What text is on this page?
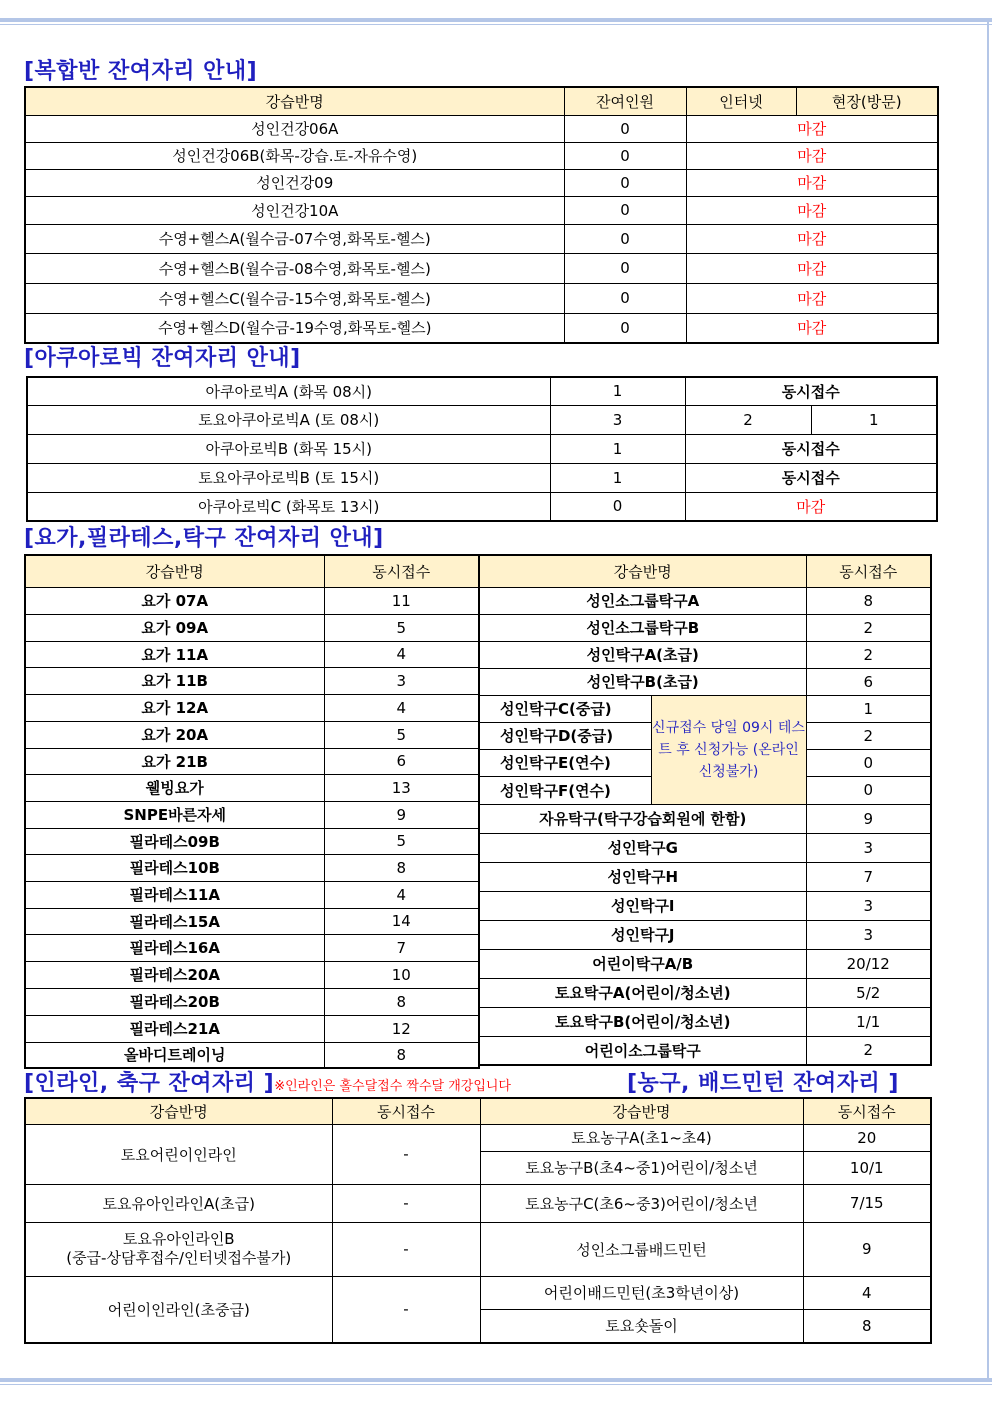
[복합반 잔여자리 안내]
강습반명	잔여인원	인터넷	현장(방문)
성인건강06A	0	마감	
성인건강06B(화목-강습.토-자유수영)	0	마감	
성인건강09	0	마감	
성인건강10A	0	마감	
수영+헬스A(월수금-07수영,화목토-헬스)	0	마감	
수영+헬스B(월수금-08수영,화목토-헬스)	0	마감	
수영+헬스C(월수금-15수영,화목토-헬스)	0	마감	
수영+헬스D(월수금-19수영,화목토-헬스)	0	마감	
[아쿠아로빅 잔여자리 안내]
아쿠아로빅A (화목 08시)	1	동시접수	
토요아쿠아로빅A (토 08시)	3	2	1
아쿠아로빅B (화목 15시)	1	동시접수	
토요아쿠아로빅B (토 15시)	1	동시접수	
아쿠아로빅C (화목토 13시)	0	마감	
[요가,필라테스,탁구 잔여자리 안내]
강습반명	동시접수
요가 07A	11
요가 09A	5
요가 11A	4
요가 11B	3
요가 12A	4
요가 20A	5
요가 21B	6
웰빙요가	13
SNPE바른자세	9
필라테스09B	5
필라테스10B	8
필라테스11A	4
필라테스15A	14
필라테스16A	7
필라테스20A	10
필라테스20B	8
필라테스21A	12
올바디트레이닝	8
강습반명		동시접수
성인소그룹탁구A		8
성인소그룹탁구B		2
성인탁구A(초급)		2
성인탁구B(초급)		6
성인탁구C(중급)	신규접수 당일 09시 테스트 후 신청가능 (온라인신청불가)	1
성인탁구D(중급)		2
성인탁구E(연수)		0
성인탁구F(연수)		0
자유탁구(탁구강습회원에 한함)		9
성인탁구G		3
성인탁구H		7
성인탁구I		3
성인탁구J		3
어린이탁구A/B		20/12
토요탁구A(어린이/청소년)		5/2
토요탁구B(어린이/청소년)		1/1
어린이소그룹탁구		2
[인라인, 축구 잔여자리 ]※인라인은 홀수달접수 짝수달 개강입니다	[농구, 배드민턴 잔여자리 ]
강습반명	동시접수	강습반명	동시접수
토요어린이인라인	-	토요농구A(초1~초4)	20
		토요농구B(초4~중1)어린이/청소년	10/1
토요유아인라인A(초급)	-	토요농구C(초6~중3)어린이/청소년	7/15
토요유아인라인B
(중급-상담후접수/인터넷접수불가)	-	성인소그룹배드민턴	9
어린이인라인(초중급)	-	어린이배드민턴(초3학년이상)	4
		토요숏돌이	8
